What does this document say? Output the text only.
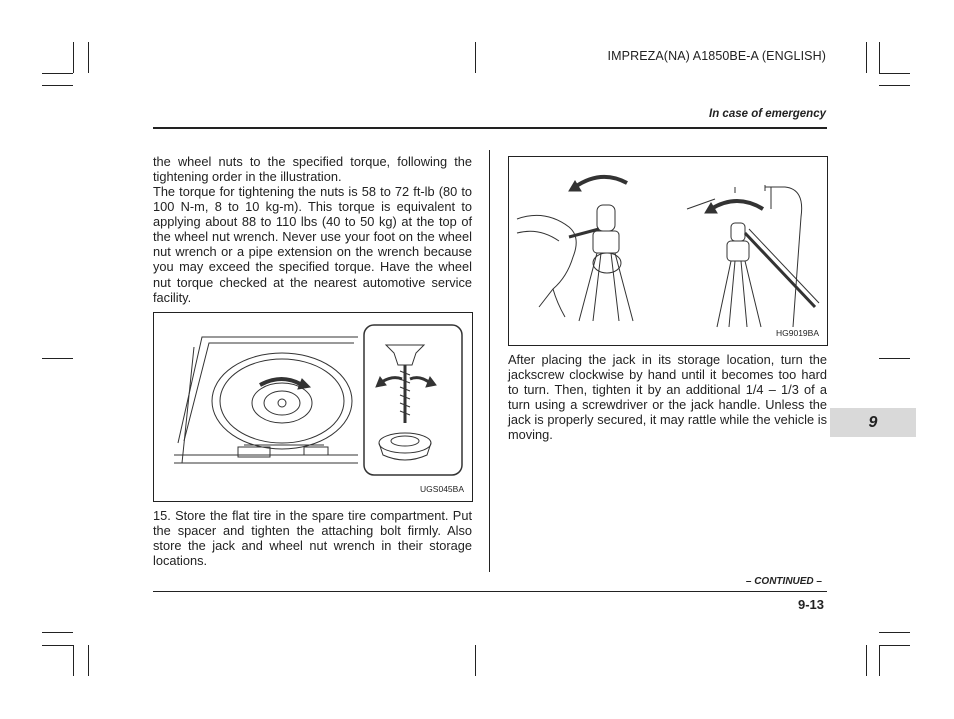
IMPREZA(NA) A1850BE-A (ENGLISH)
In case of emergency

the wheel nuts to the specified torque, following the tightening order in the illustration.

The torque for tightening the nuts is 58 to 72 ft-lb (80 to 100 N-m, 8 to 10 kg-m). This torque is equivalent to applying about 88 to 110 lbs (40 to 50 kg) at the top of the wheel nut wrench. Never use your foot on the wheel nut wrench or a pipe extension on the wrench because you may exceed the specified torque. Have the wheel nut torque checked at the nearest automotive service facility.

UGS045BA

15. Store the flat tire in the spare tire compartment. Put the spacer and tighten the attaching bolt firmly. Also store the jack and wheel nut wrench in their storage locations.

HG9019BA

After placing the jack in its storage location, turn the jackscrew clockwise by hand until it becomes too hard to turn. Then, tighten it by an additional 1/4 – 1/3 of a turn using a screwdriver or the jack handle. Unless the jack is properly secured, it may rattle while the vehicle is moving.

9
– CONTINUED –
9-13
